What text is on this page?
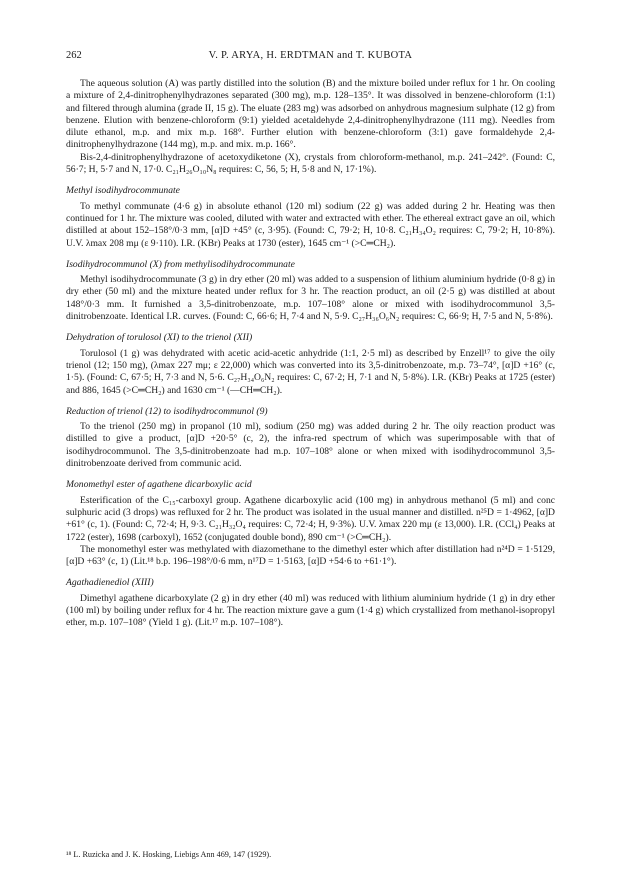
262	V. P. ARYA, H. ERDTMAN and T. KUBOTA

The aqueous solution (A) was partly distilled into the solution (B) and the mixture boiled under reflux for 1 hr. On cooling a mixture of 2,4-dinitrophenylhydrazones separated (300 mg), m.p. 128–135°. It was dissolved in benzene-chloroform (1:1) and filtered through alumina (grade II, 15 g). The eluate (283 mg) was adsorbed on anhydrous magnesium sulphate (12 g) from benzene. Elution with benzene-chloroform (9:1) yielded acetaldehyde 2,4-dinitrophenylhydrazone (111 mg). Needles from dilute ethanol, m.p. and mix m.p. 168°. Further elution with benzene-chloroform (3:1) gave formaldehyde 2,4-dinitrophenylhydrazone (144 mg), m.p. and mix. m.p. 166°.

Bis-2,4-dinitrophenylhydrazone of acetoxydiketone (X), crystals from chloroform-methanol, m.p. 241–242°. (Found: C, 56·7; H, 5·7 and N, 17·0. C₂₁H₂₆O₁₀N₈ requires: C, 56, 5; H, 5·8 and N, 17·1%).

Methyl isodihydrocommunate

To methyl communate (4·6 g) in absolute ethanol (120 ml) sodium (22 g) was added during 2 hr. Heating was then continued for 1 hr. The mixture was cooled, diluted with water and extracted with ether. The ethereal extract gave an oil, which distilled at about 152–158°/0·3 mm, [α]D +45° (c, 3·95). (Found: C, 79·2; H, 10·8. C₂₁H₃₄O₂ requires: C, 79·2; H, 10·8%). U.V. λmax 208 mμ (ε 9·110). I.R. (KBr) Peaks at 1730 (ester), 1645 cm⁻¹ (>C═CH₂).

Isodihydrocommunol (X) from methylisodihydrocommunate

Methyl isodihydrocommunate (3 g) in dry ether (20 ml) was added to a suspension of lithium aluminium hydride (0·8 g) in dry ether (50 ml) and the mixture heated under reflux for 3 hr. The reaction product, an oil (2·5 g) was distilled at about 148°/0·3 mm. It furnished a 3,5-dinitrobenzoate, m.p. 107–108° alone or mixed with isodihydrocommunol 3,5-dinitrobenzoate. Identical I.R. curves. (Found: C, 66·6; H, 7·4 and N, 5·9. C₂₇H₃₆O₆N₂ requires: C, 66·9; H, 7·5 and N, 5·8%).

Dehydration of torulosol (XI) to the trienol (XII)

Torulosol (1 g) was dehydrated with acetic acid-acetic anhydride (1:1, 2·5 ml) as described by Enzell¹⁷ to give the oily trienol (12; 150 mg), (λmax 227 mμ; ε 22,000) which was converted into its 3,5-dinitrobenzoate, m.p. 73–74°, [α]D +16° (c, 1·5). (Found: C, 67·5; H, 7·3 and N, 5·6. C₂₇H₃₄O₆N₂ requires: C, 67·2; H, 7·1 and N, 5·8%). I.R. (KBr) Peaks at 1725 (ester) and 886, 1645 (>C═CH₂) and 1630 cm⁻¹ (—CH═CH₂).

Reduction of trienol (12) to isodihydrocommunol (9)

To the trienol (250 mg) in propanol (10 ml), sodium (250 mg) was added during 2 hr. The oily reaction product was distilled to give a product, [α]D +20·5° (c, 2), the infra-red spectrum of which was superimposable with that of isodihydrocommunol. The 3,5-dinitrobenzoate had m.p. 107–108° alone or when mixed with isodihydrocommunol 3,5-dinitrobenzoate derived from communic acid.

Monomethyl ester of agathene dicarboxylic acid

Esterification of the C₁₅-carboxyl group. Agathene dicarboxylic acid (100 mg) in anhydrous methanol (5 ml) and conc sulphuric acid (3 drops) was refluxed for 2 hr. The product was isolated in the usual manner and distilled. n²⁵D = 1·4962, [α]D +61° (c, 1). (Found: C, 72·4; H, 9·3. C₂₁H₃₂O₄ requires: C, 72·4; H, 9·3%). U.V. λmax 220 mμ (ε 13,000). I.R. (CCl₄) Peaks at 1722 (ester), 1698 (carboxyl), 1652 (conjugated double bond), 890 cm⁻¹ (>C═CH₂).

The monomethyl ester was methylated with diazomethane to the dimethyl ester which after distillation had n²⁴D = 1·5129, [α]D +63° (c, 1) (Lit.¹⁸ b.p. 196–198°/0·6 mm, n¹⁷D = 1·5163, [α]D +54·6 to +61·1°).

Agathadienediol (XIII)

Dimethyl agathene dicarboxylate (2 g) in dry ether (40 ml) was reduced with lithium aluminium hydride (1 g) in dry ether (100 ml) by boiling under reflux for 4 hr. The reaction mixture gave a gum (1·4 g) which crystallized from methanol-isopropyl ether, m.p. 107–108° (Yield 1 g). (Lit.¹⁷ m.p. 107–108°).

¹⁸ L. Ruzicka and J. K. Hosking, Liebigs Ann 469, 147 (1929).
